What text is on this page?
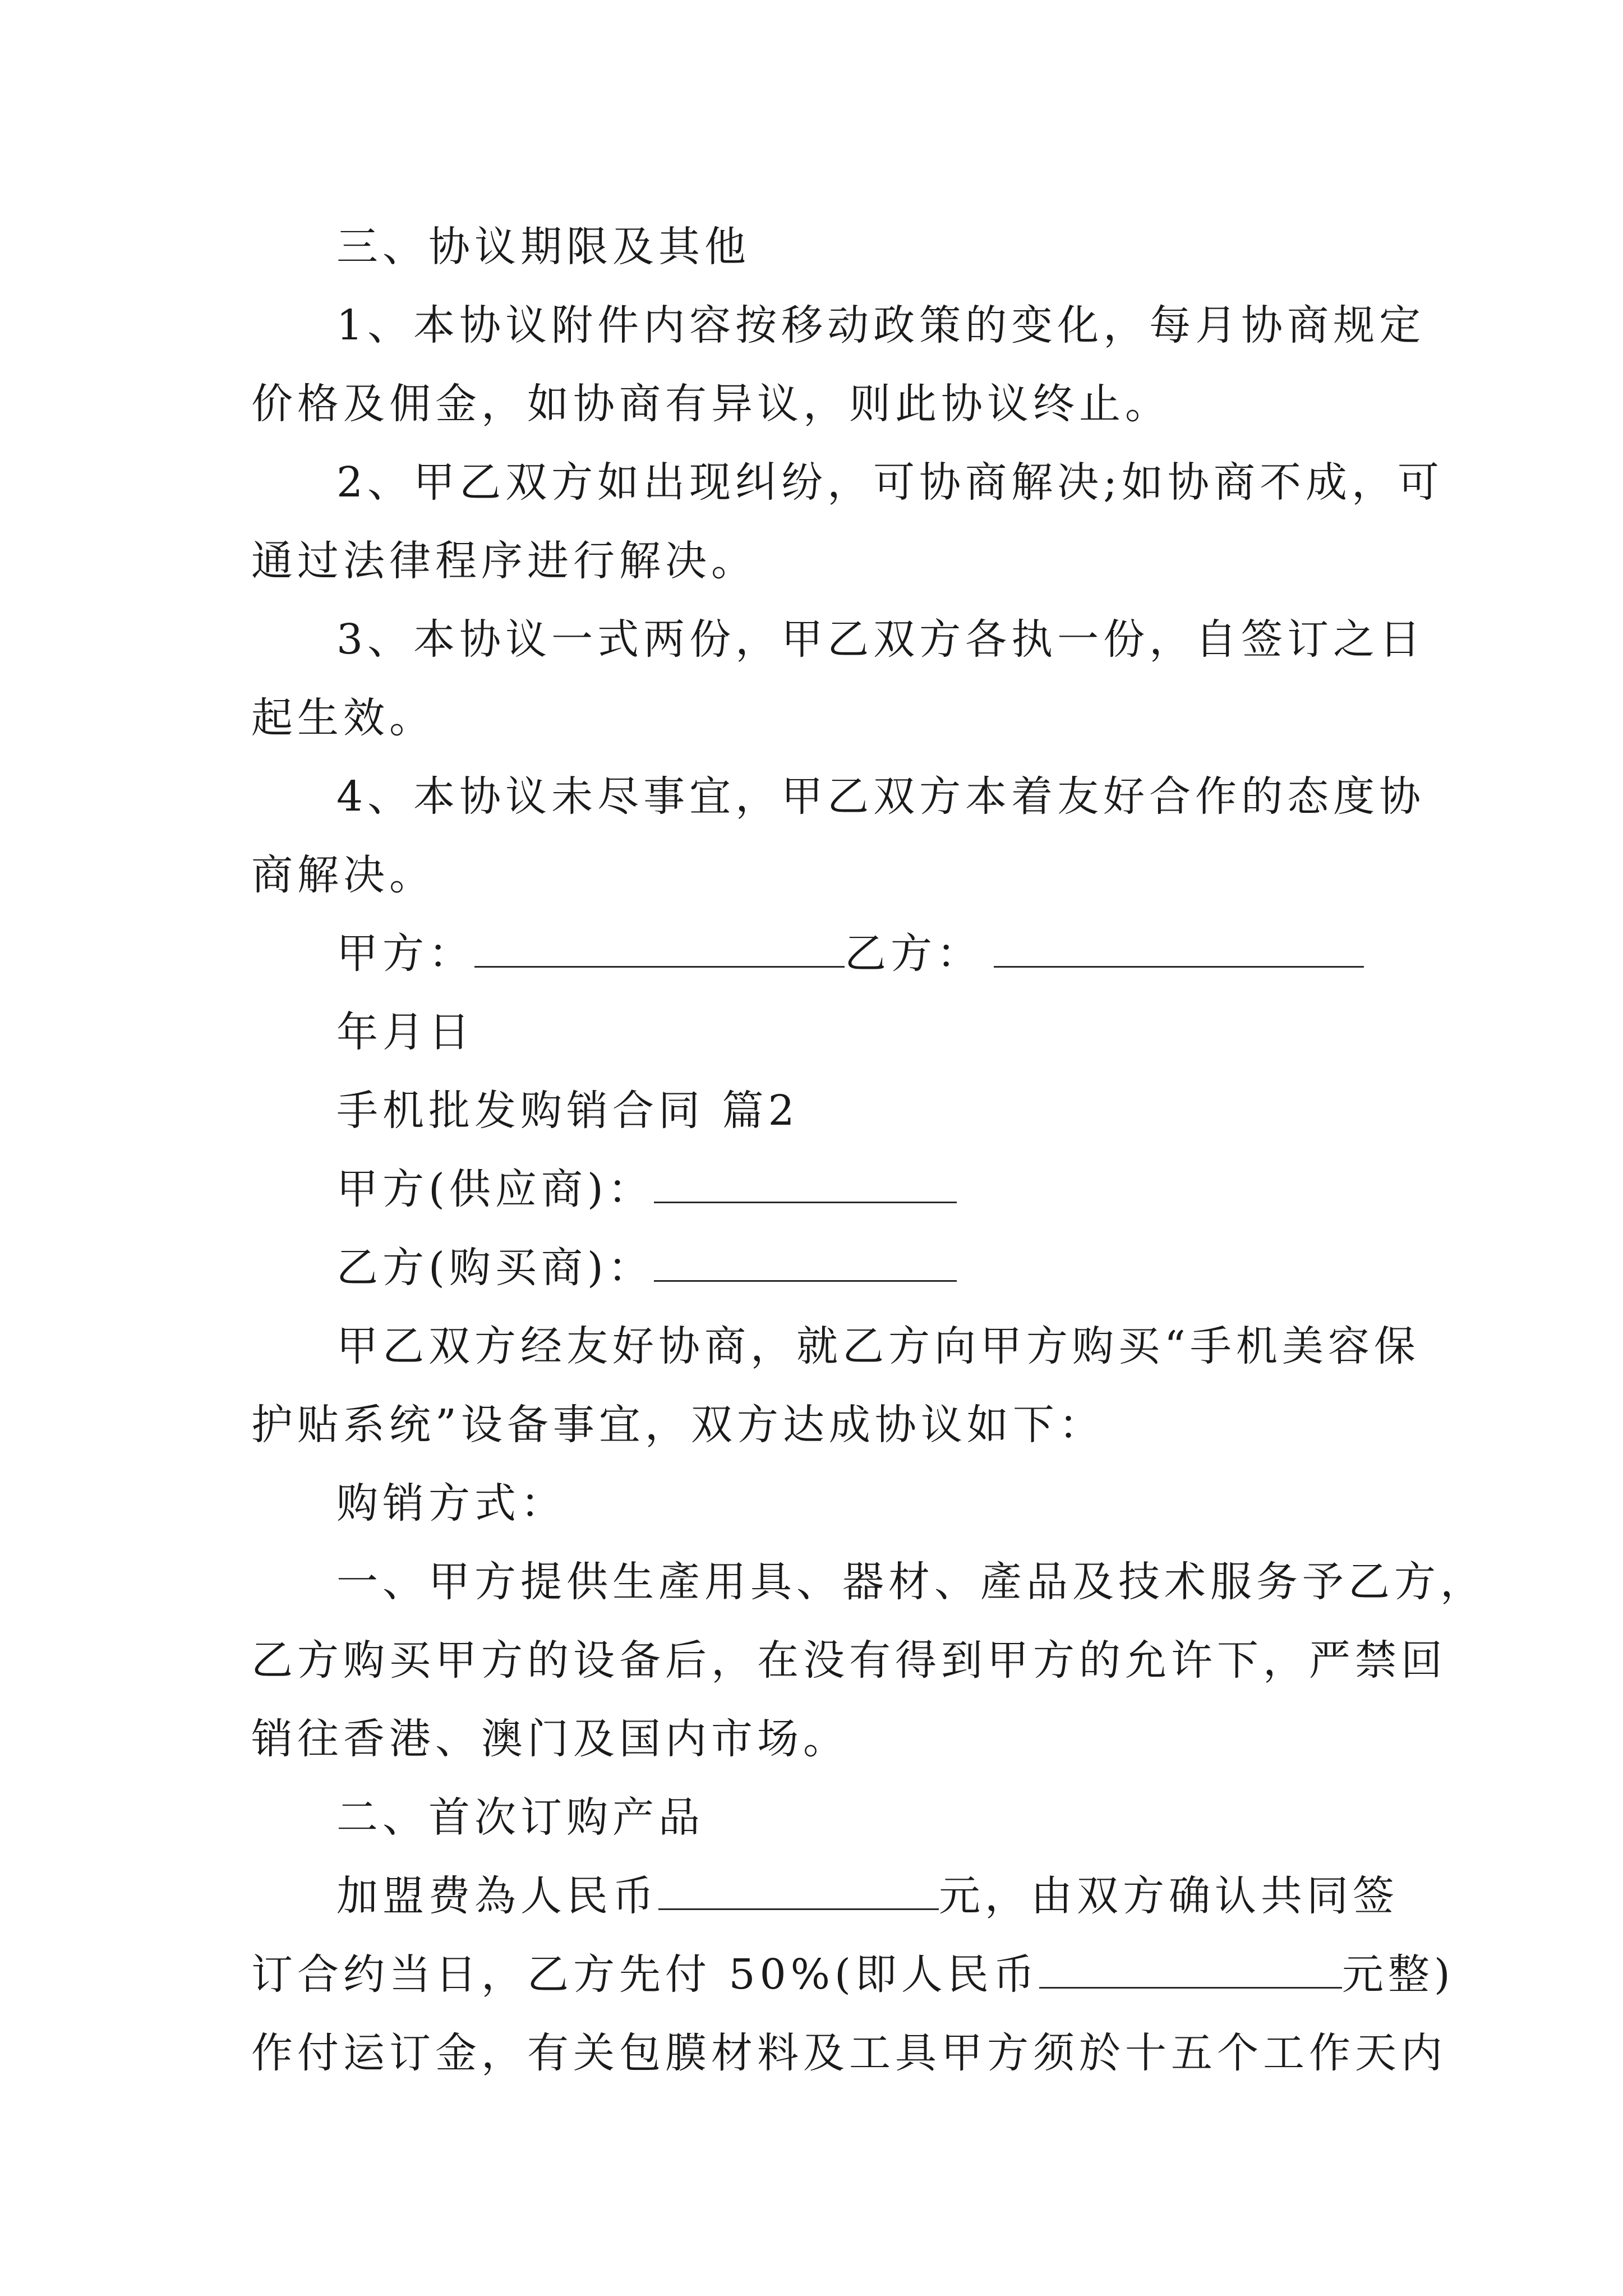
三、协议期限及其他
1、本协议附件内容按移动政策的变化，每月协商规定
价格及佣金，如协商有异议，则此协议终止。
2、甲乙双方如出现纠纷，可协商解决;如协商不成，可
通过法律程序进行解决。
3、本协议一式两份，甲乙双方各执一份，自签订之日
起生效。
4、本协议未尽事宜，甲乙双方本着友好合作的态度协
商解决。
甲方：	乙方：
年月日
手机批发购销合同 篇2
甲方(供应商)：
乙方(购买商)：
甲乙双方经友好协商，就乙方向甲方购买“手机美容保
护贴系统”设备事宜，双方达成协议如下：
购销方式：
一、甲方提供生產用具、器材、產品及技术服务予乙方，
乙方购买甲方的设备后，在没有得到甲方的允许下，严禁回
销往香港、澳门及国内市场。
二、首次订购产品
加盟费為人民币	元，由双方确认共同签
订合约当日，乙方先付 50%(即人民币	元整)
作付运订金，有关包膜材料及工具甲方须於十五个工作天内
